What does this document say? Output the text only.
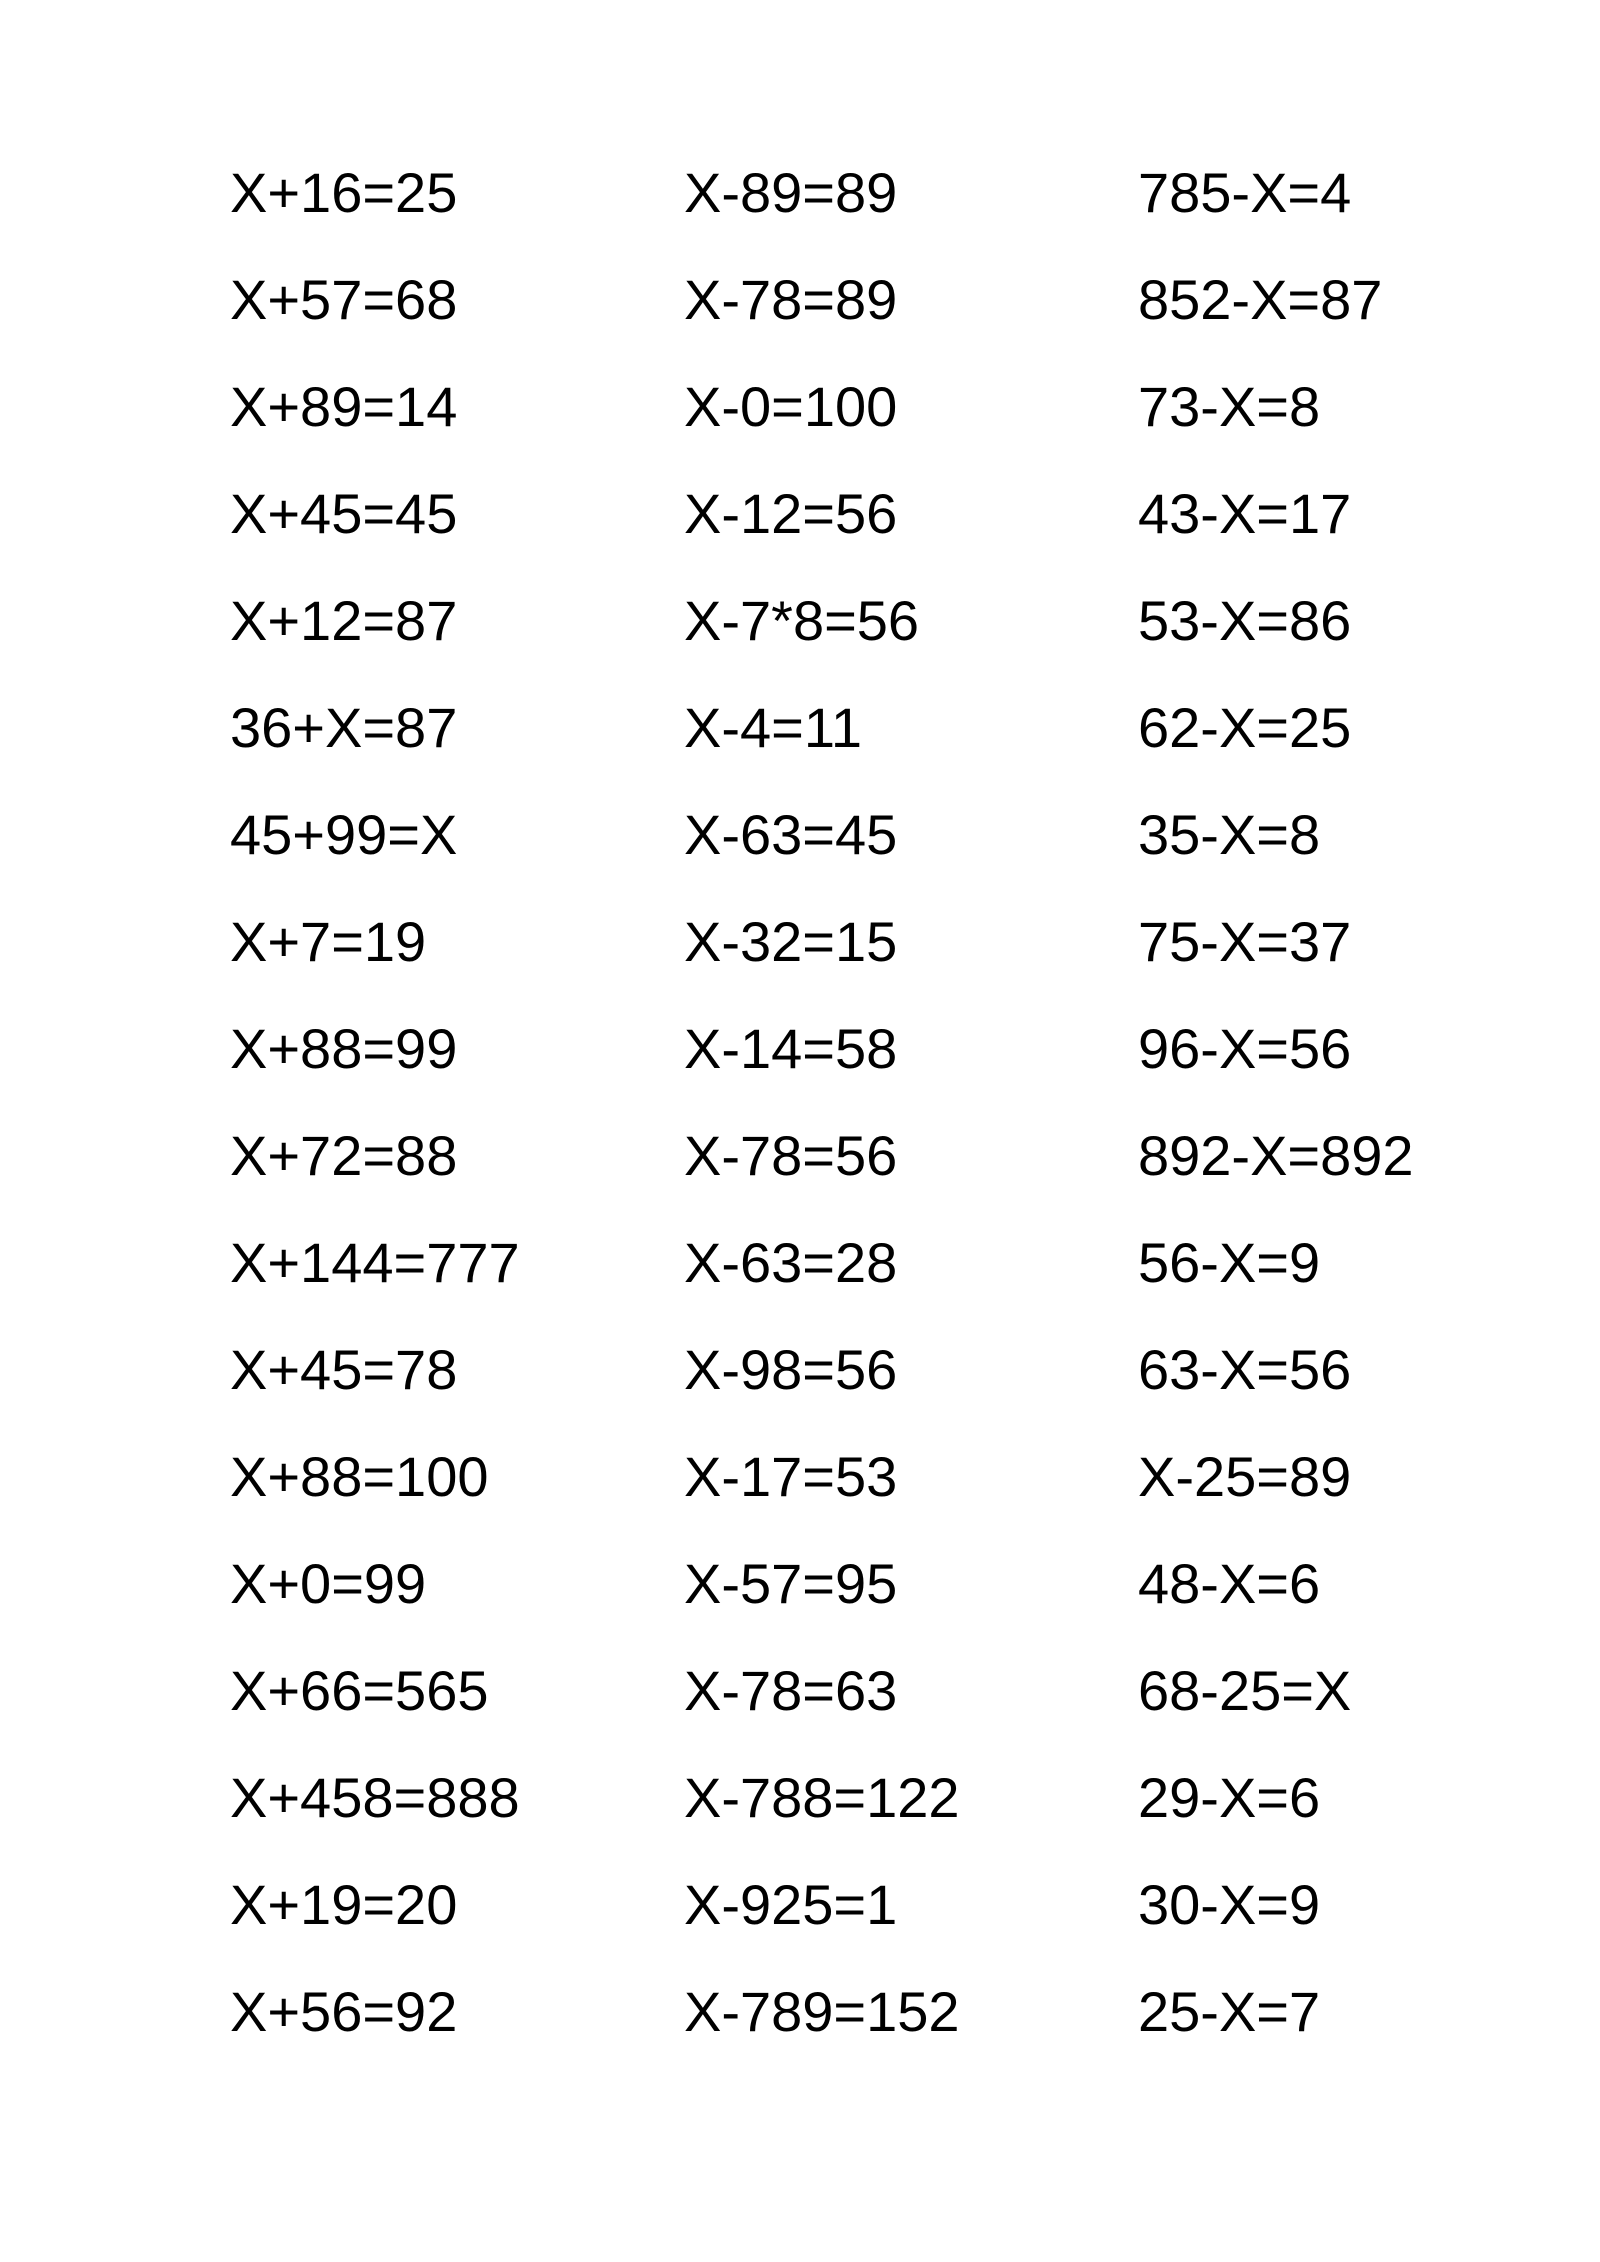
X+16=25
X+57=68
X+89=14
X+45=45
X+12=87
36+X=87
45+99=X
X+7=19
X+88=99
X+72=88
X+144=777
X+45=78
X+88=100
X+0=99
X+66=565
X+458=888
X+19=20
X+56=92
X-89=89
X-78=89
X-0=100
X-12=56
X-7*8=56
X-4=11
X-63=45
X-32=15
X-14=58
X-78=56
X-63=28
X-98=56
X-17=53
X-57=95
X-78=63
X-788=122
X-925=1
X-789=152
785-X=4
852-X=87
73-X=8
43-X=17
53-X=86
62-X=25
35-X=8
75-X=37
96-X=56
892-X=892
56-X=9
63-X=56
X-25=89
48-X=6
68-25=X
29-X=6
30-X=9
25-X=7
